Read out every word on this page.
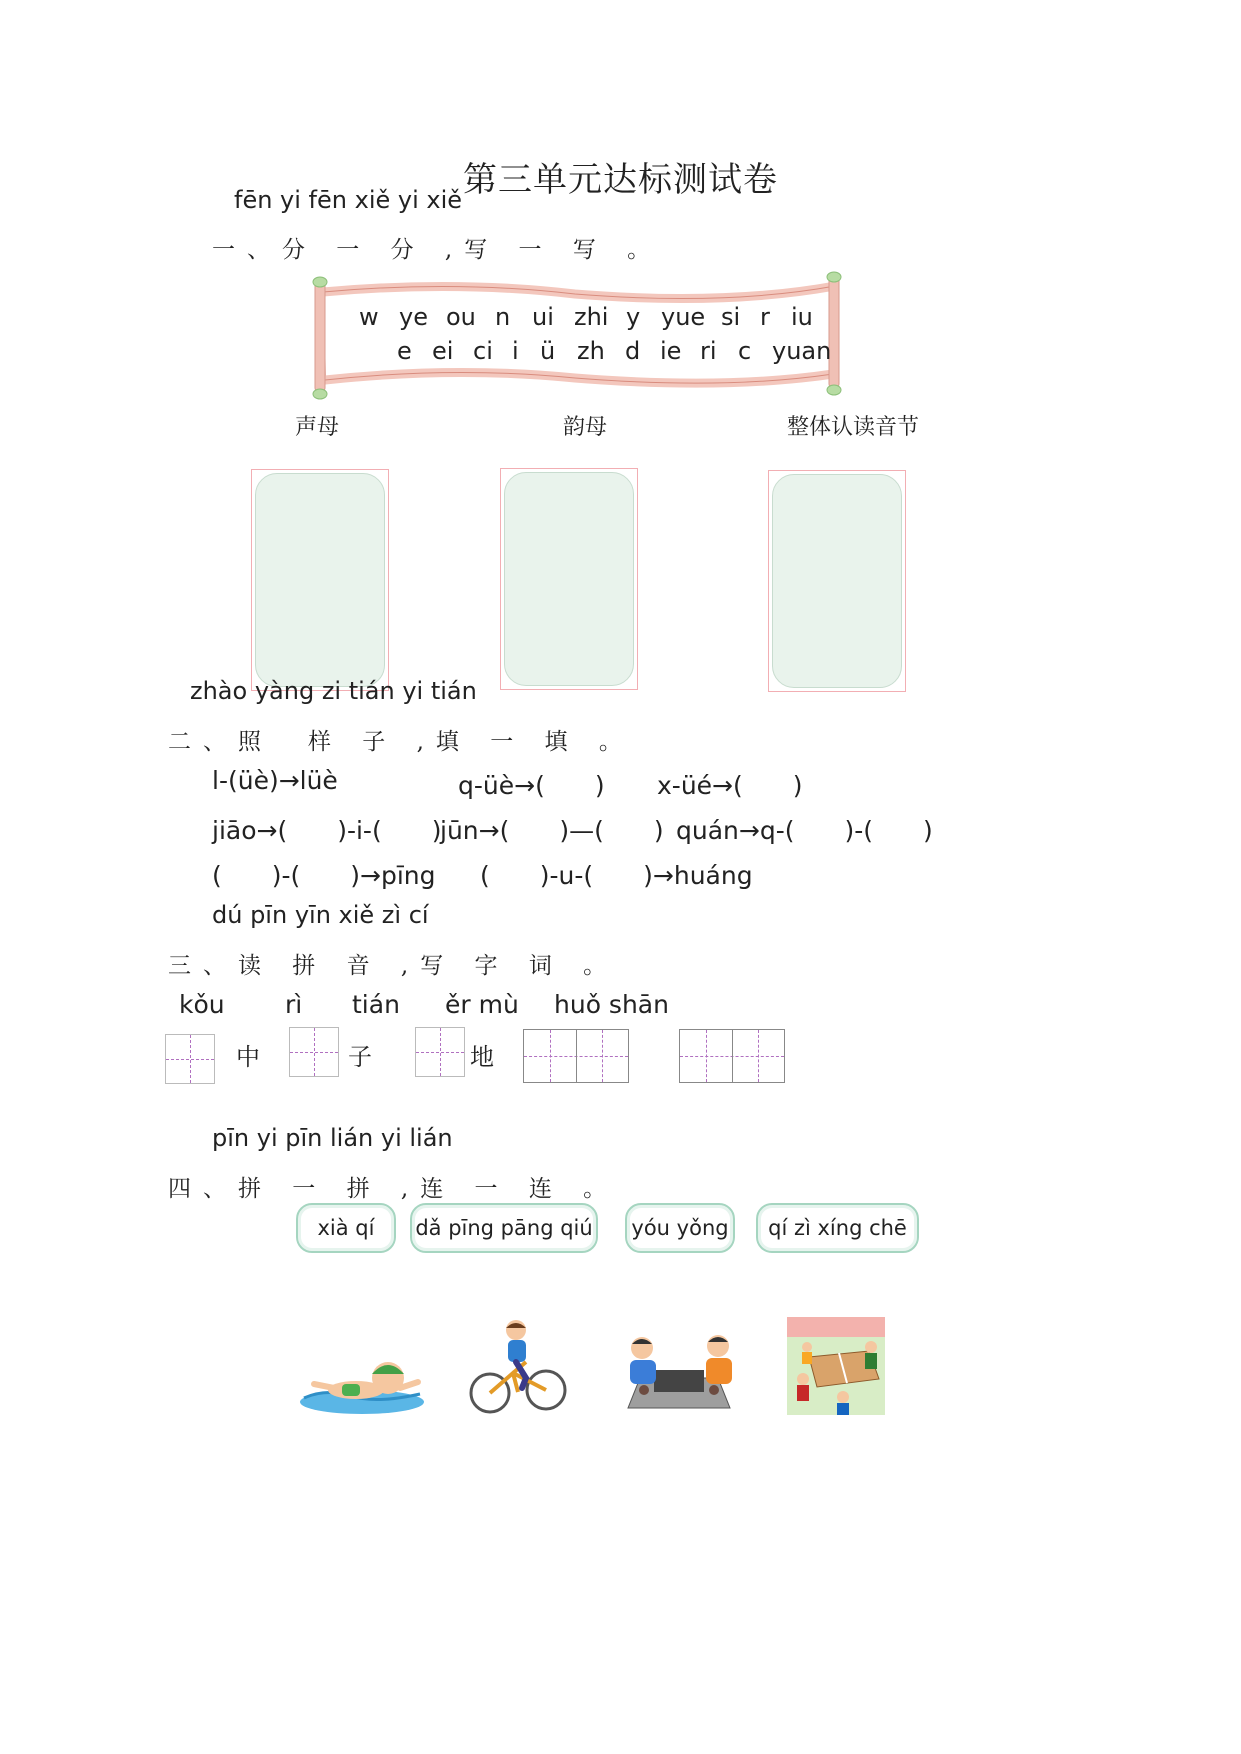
第三单元达标测试卷
fēn yi fēn xiě yi xiě
一、分 一 分 ,写 一 写 。
声母	韵母	整体认读音节
zhào yàng zi tián yi tián
二、照　样 子 ,填 一 填 。
l-(üè)→lüè	q-üè→(　　) x-üé→(　　)
jiāo→(　　)-i-(　　)
jūn→(　　)—(　　) quán→q-(　　)-(　　)
(　　)-(　　)→pīng (　　)-u-(　　)→huáng
dú pīn yīn xiě zì cí
三、读 拼 音 ,写 字 词 。
kǒu rì tián ěr mù huǒ shān
中	子	地
pīn yi pīn lián yi lián
四、拼 一 拼 ,连 一 连 。
xià qí	dǎ pīng pāng qiú	yóu yǒng	qí zì xíng chē
w ye ou n ui zhi y yue si r iu
e ei ci i ü zh d ie ri c yuan
